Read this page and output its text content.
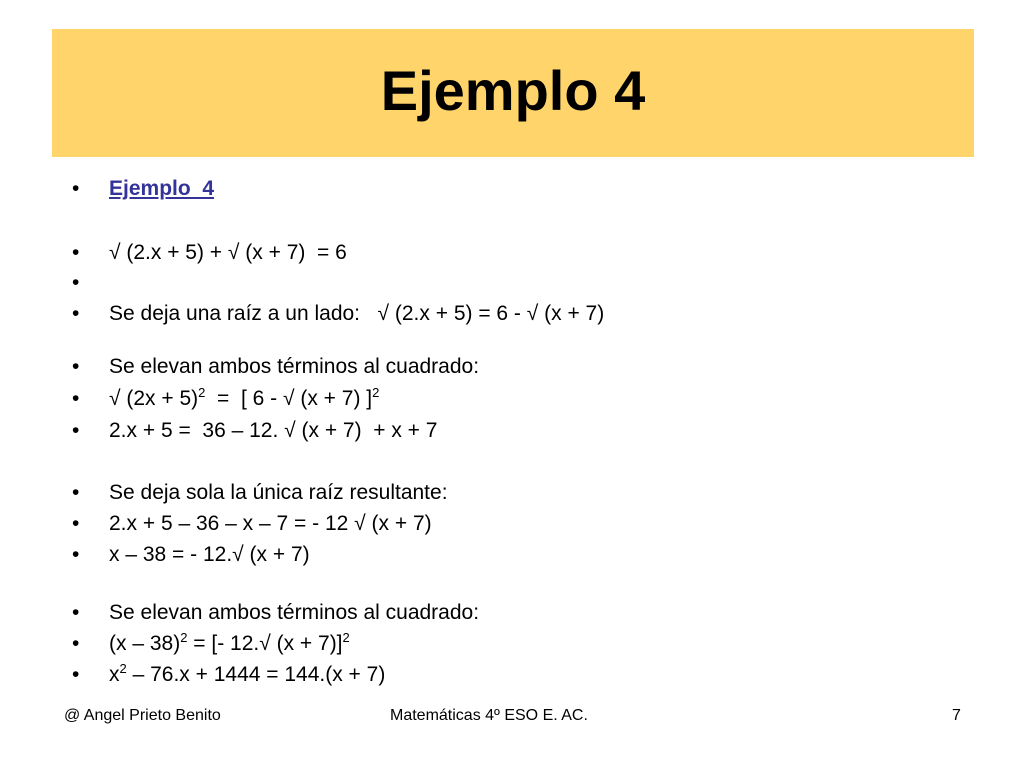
Ejemplo 4
•	Ejemplo  4
•	√ (2.x + 5) + √ (x + 7)  = 6
•
•	Se deja una raíz a un lado:   √ (2.x + 5) = 6 - √ (x + 7)
•	Se elevan ambos términos al cuadrado:
•	√ $(2x + 5)^2$  =  [ 6 - √ (x + 7) ]$^2$
•	2.x + 5 =  36 – 12. √ (x + 7)  + x + 7
•	Se deja sola la única raíz resultante:
•	2.x + 5 – 36 – x – 7 = - 12 √ (x + 7)
•	x – 38 = - 12.√ (x + 7)
•	Se elevan ambos términos al cuadrado:
•	(x – 38)$^2$ = [- 12.√ (x + 7)]$^2$
•	$x^2 - 76.x + 1444 = 144.(x + 7)$
@ Angel Prieto Benito	Matemáticas 4º ESO E. AC.	7
